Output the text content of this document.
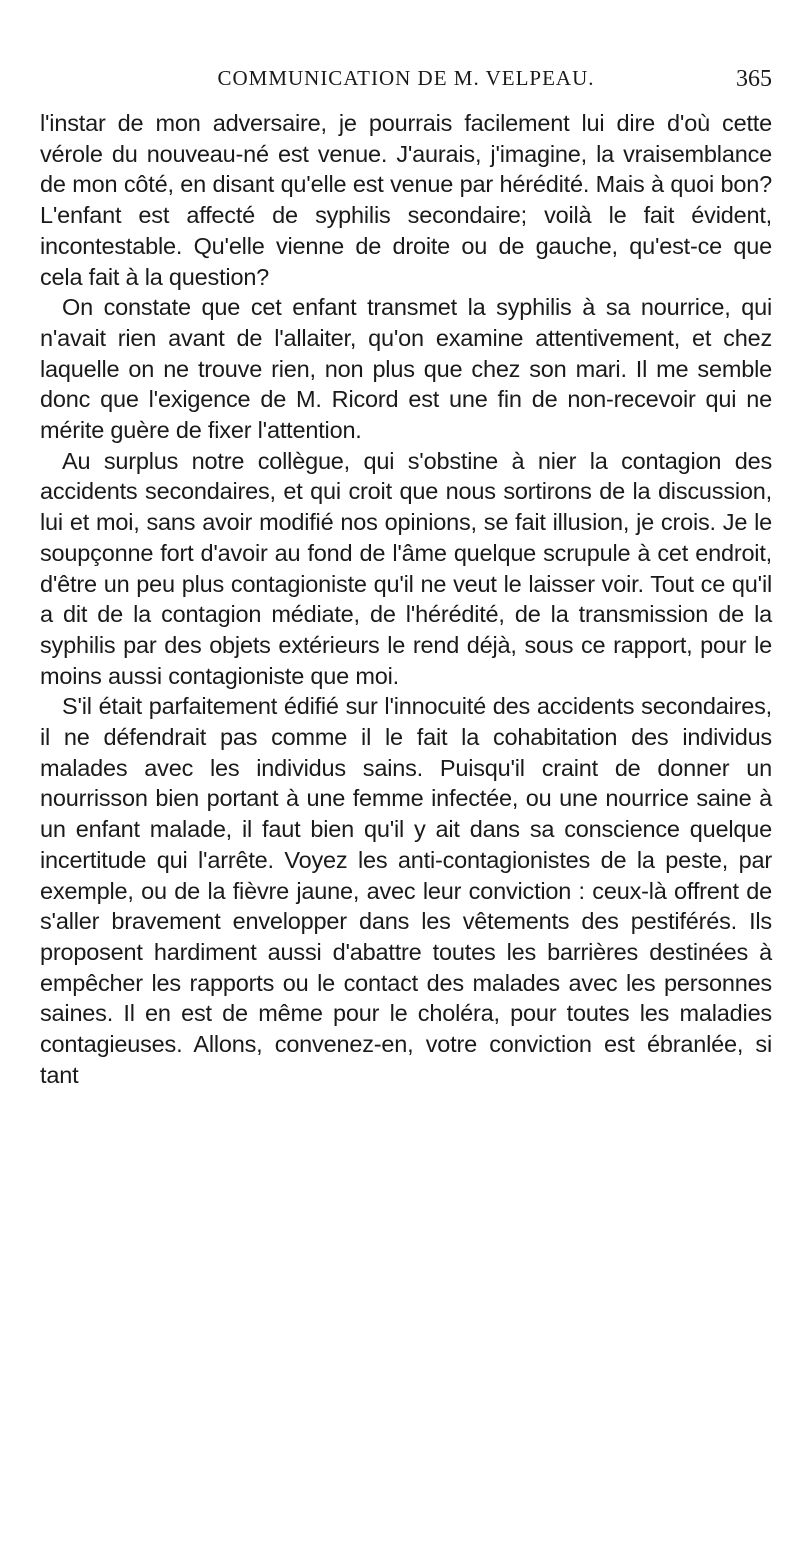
COMMUNICATION DE M. VELPEAU.	365

l'instar de mon adversaire, je pourrais facilement lui dire d'où cette vérole du nouveau-né est venue. J'aurais, j'imagine, la vraisemblance de mon côté, en disant qu'elle est venue par hérédité. Mais à quoi bon? L'enfant est affecté de syphilis secondaire; voilà le fait évident, incontestable. Qu'elle vienne de droite ou de gauche, qu'est-ce que cela fait à la question?

On constate que cet enfant transmet la syphilis à sa nourrice, qui n'avait rien avant de l'allaiter, qu'on examine attentivement, et chez laquelle on ne trouve rien, non plus que chez son mari. Il me semble donc que l'exigence de M. Ricord est une fin de non-recevoir qui ne mérite guère de fixer l'attention.

Au surplus notre collègue, qui s'obstine à nier la contagion des accidents secondaires, et qui croit que nous sortirons de la discussion, lui et moi, sans avoir modifié nos opinions, se fait illusion, je crois. Je le soupçonne fort d'avoir au fond de l'âme quelque scrupule à cet endroit, d'être un peu plus contagioniste qu'il ne veut le laisser voir. Tout ce qu'il a dit de la contagion médiate, de l'hérédité, de la transmission de la syphilis par des objets extérieurs le rend déjà, sous ce rapport, pour le moins aussi contagioniste que moi.

S'il était parfaitement édifié sur l'innocuité des accidents secondaires, il ne défendrait pas comme il le fait la cohabitation des individus malades avec les individus sains. Puisqu'il craint de donner un nourrisson bien portant à une femme infectée, ou une nourrice saine à un enfant malade, il faut bien qu'il y ait dans sa conscience quelque incertitude qui l'arrête. Voyez les anti-contagionistes de la peste, par exemple, ou de la fièvre jaune, avec leur conviction : ceux-là offrent de s'aller bravement envelopper dans les vêtements des pestiférés. Ils proposent hardiment aussi d'abattre toutes les barrières destinées à empêcher les rapports ou le contact des malades avec les personnes saines. Il en est de même pour le choléra, pour toutes les maladies contagieuses. Allons, convenez-en, votre conviction est ébranlée, si tant
